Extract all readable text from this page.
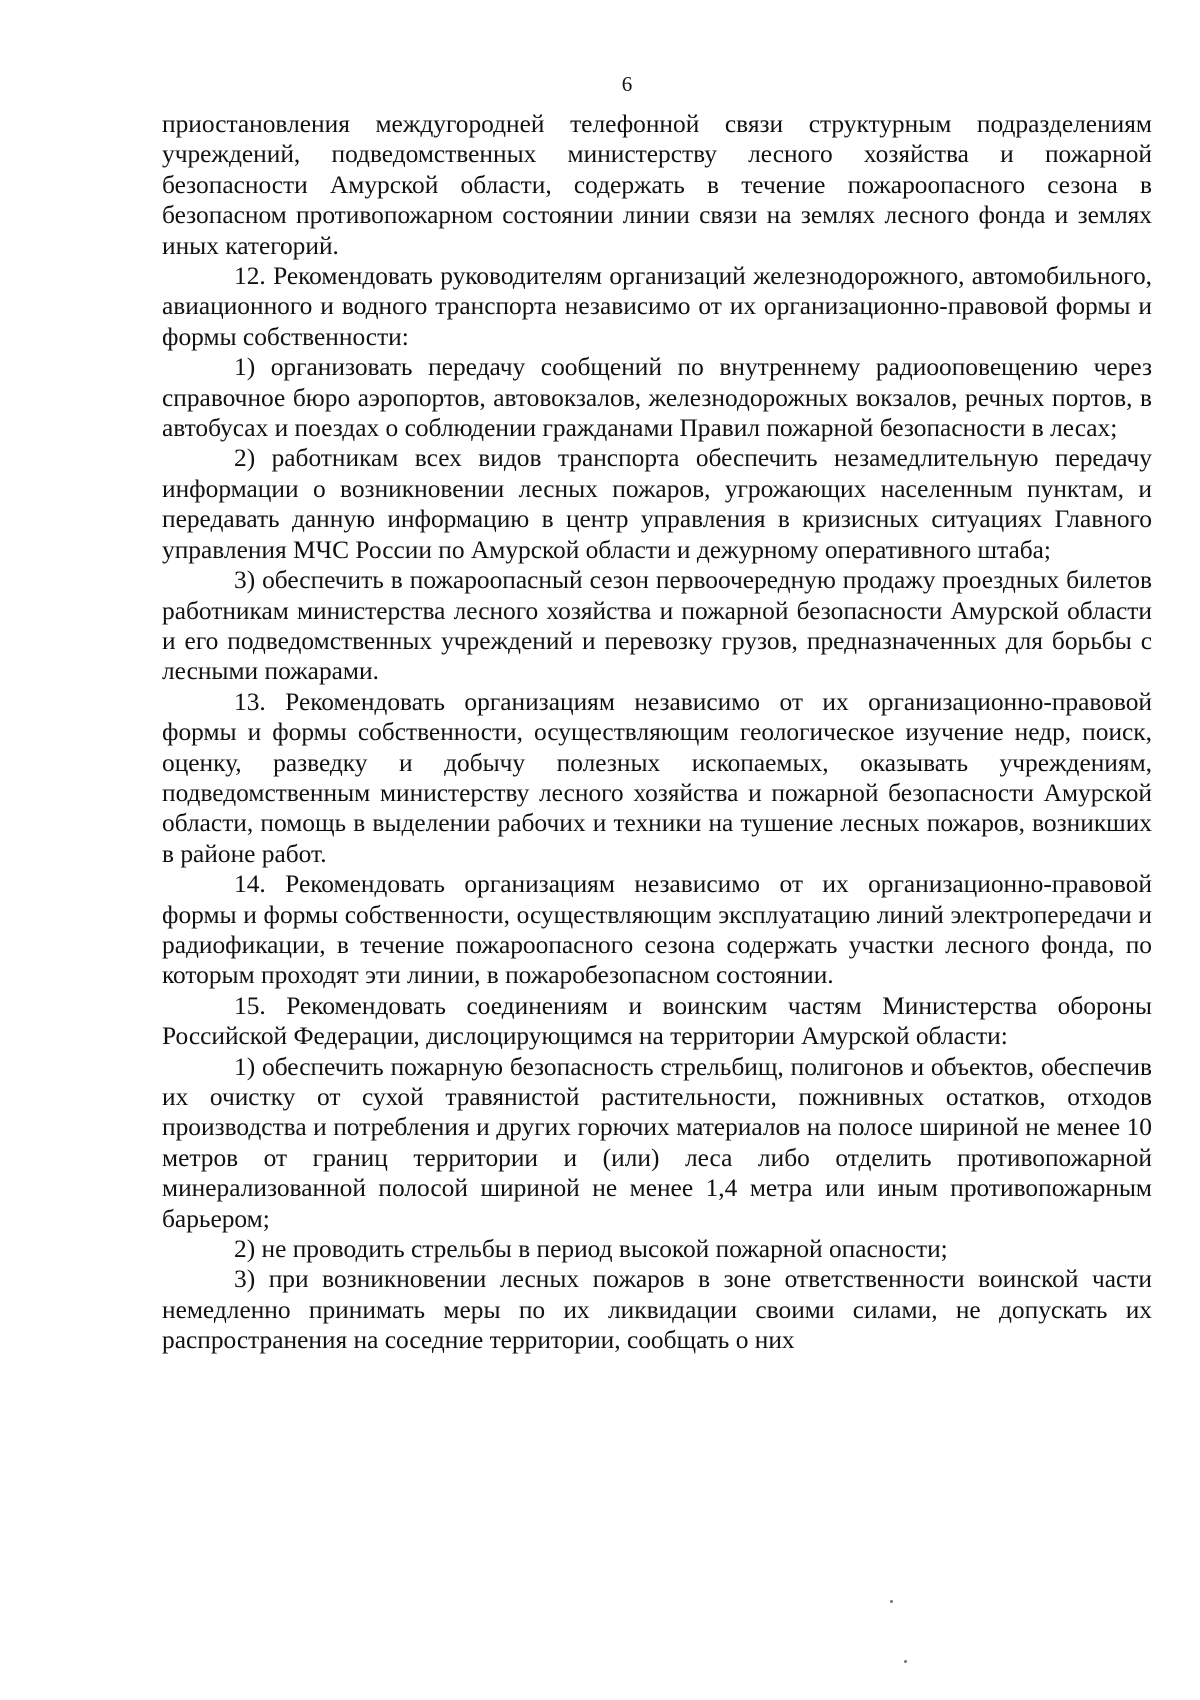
6

приостановления междугородней телефонной связи структурным подразделениям учреждений, подведомственных министерству лесного хозяйства и пожарной безопасности Амурской области, содержать в течение пожароопасного сезона в безопасном противопожарном состоянии линии связи на землях лесного фонда и землях иных категорий.

12. Рекомендовать руководителям организаций железнодорожного, автомобильного, авиационного и водного транспорта независимо от их организационно-правовой формы и формы собственности:

1) организовать передачу сообщений по внутреннему радиооповещению через справочное бюро аэропортов, автовокзалов, железнодорожных вокзалов, речных портов, в автобусах и поездах о соблюдении гражданами Правил пожарной безопасности в лесах;

2) работникам всех видов транспорта обеспечить незамедлительную передачу информации о возникновении лесных пожаров, угрожающих населенным пунктам, и передавать данную информацию в центр управления в кризисных ситуациях Главного управления МЧС России по Амурской области и дежурному оперативного штаба;

3) обеспечить в пожароопасный сезон первоочередную продажу проездных билетов работникам министерства лесного хозяйства и пожарной безопасности Амурской области и его подведомственных учреждений и перевозку грузов, предназначенных для борьбы с лесными пожарами.

13. Рекомендовать организациям независимо от их организационно-правовой формы и формы собственности, осуществляющим геологическое изучение недр, поиск, оценку, разведку и добычу полезных ископаемых, оказывать учреждениям, подведомственным министерству лесного хозяйства и пожарной безопасности Амурской области, помощь в выделении рабочих и техники на тушение лесных пожаров, возникших в районе работ.

14. Рекомендовать организациям независимо от их организационно-правовой формы и формы собственности, осуществляющим эксплуатацию линий электропередачи и радиофикации, в течение пожароопасного сезона содержать участки лесного фонда, по которым проходят эти линии, в пожаробезопасном состоянии.

15. Рекомендовать соединениям и воинским частям Министерства обороны Российской Федерации, дислоцирующимся на территории Амурской области:

1) обеспечить пожарную безопасность стрельбищ, полигонов и объектов, обеспечив их очистку от сухой травянистой растительности, пожнивных остатков, отходов производства и потребления и других горючих материалов на полосе шириной не менее 10 метров от границ территории и (или) леса либо отделить противопожарной минерализованной полосой шириной не менее 1,4 метра или иным противопожарным барьером;

2) не проводить стрельбы в период высокой пожарной опасности;

3) при возникновении лесных пожаров в зоне ответственности воинской части немедленно принимать меры по их ликвидации своими силами, не допускать их распространения на соседние территории, сообщать о них
